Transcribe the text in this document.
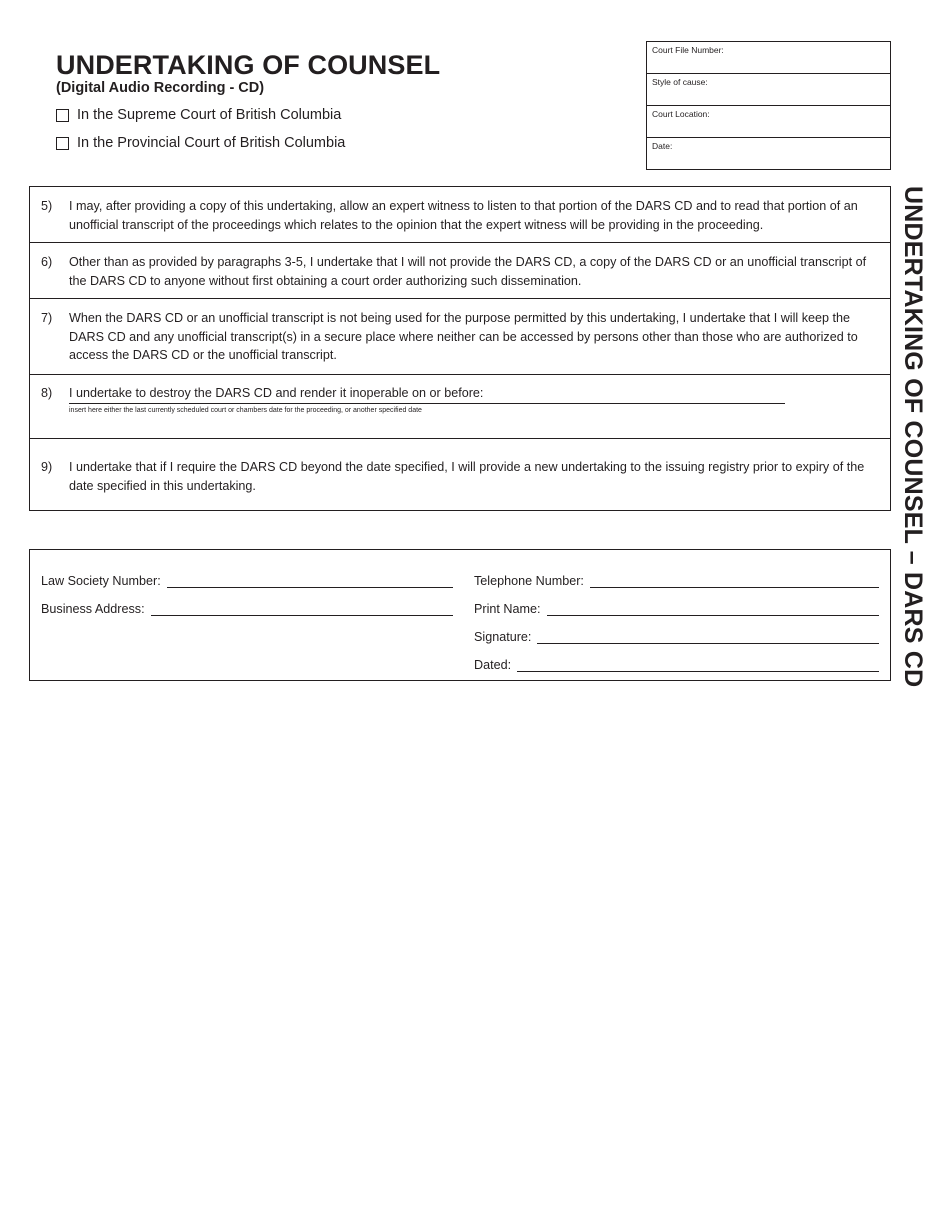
UNDERTAKING OF COUNSEL
(Digital Audio Recording - CD)
In the Supreme Court of British Columbia
In the Provincial Court of British Columbia
Court File Number:
Style of cause:
Court Location:
Date:
5) I may, after providing a copy of this undertaking, allow an expert witness to listen to that portion of the DARS CD and to read that portion of an unofficial transcript of the proceedings which relates to the opinion that the expert witness will be providing in the proceeding.
6) Other than as provided by paragraphs 3-5, I undertake that I will not provide the DARS CD, a copy of the DARS CD or an unofficial transcript of the DARS CD to anyone without first obtaining a court order authorizing such dissemination.
7) When the DARS CD or an unofficial transcript is not being used for the purpose permitted by this undertaking, I undertake that I will keep the DARS CD and any unofficial transcript(s) in a secure place where neither can be accessed by persons other than those who are authorized to access the DARS CD or the unofficial transcript.
8) I undertake to destroy the DARS CD and render it inoperable on or before:
insert here either the last currently scheduled court or chambers date for the proceeding, or another specified date
9) I undertake that if I require the DARS CD beyond the date specified, I will provide a new undertaking to the issuing registry prior to expiry of the date specified in this undertaking.
Law Society Number:
Business Address:
Telephone Number:
Print Name:
Signature:
Dated:	UNDERTAKING OF COUNSEL – DARS CD
